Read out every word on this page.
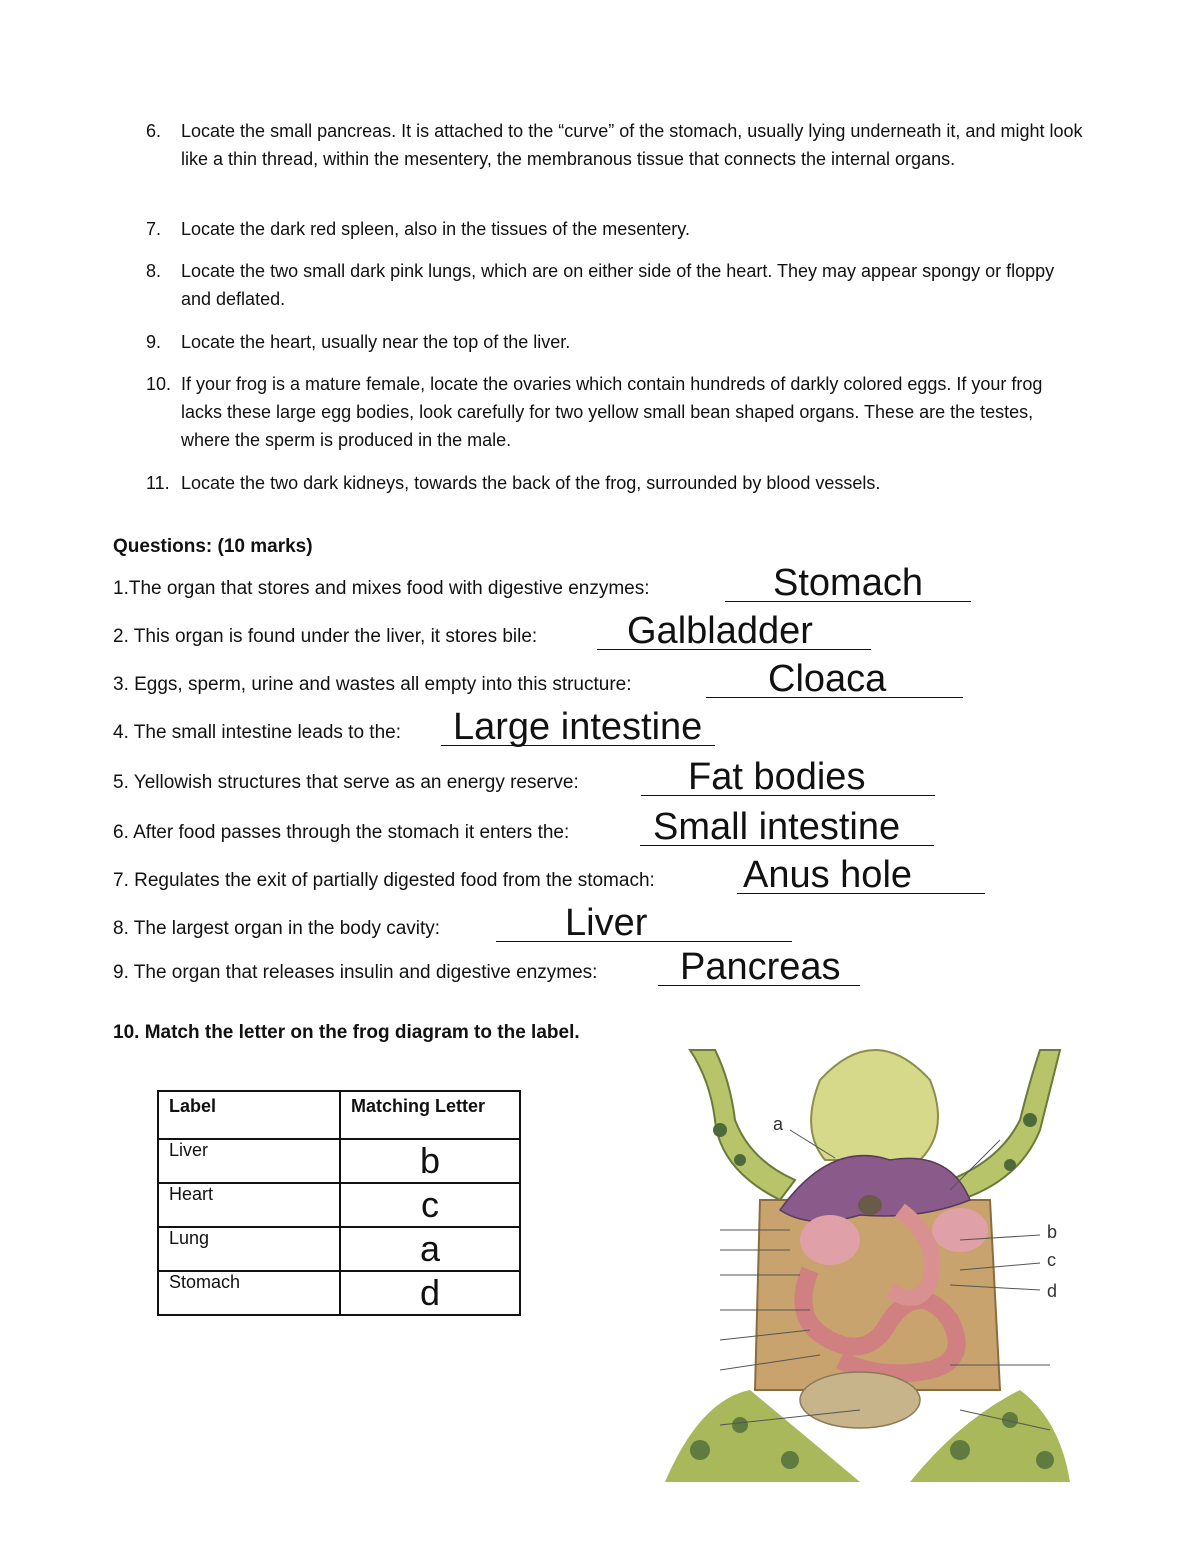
6. Locate the small pancreas. It is attached to the “curve” of the stomach, usually lying underneath it, and might look like a thin thread, within the mesentery, the membranous tissue that connects the internal organs.
7. Locate the dark red spleen, also in the tissues of the mesentery.
8. Locate the two small dark pink lungs, which are on either side of the heart. They may appear spongy or floppy and deflated.
9. Locate the heart, usually near the top of the liver.
10. If your frog is a mature female, locate the ovaries which contain hundreds of darkly colored eggs. If your frog lacks these large egg bodies, look carefully for two yellow small bean shaped organs. These are the testes, where the sperm is produced in the male.
11. Locate the two dark kidneys, towards the back of the frog, surrounded by blood vessels.
Questions: (10 marks)
1.The organ that stores and mixes food with digestive enzymes:	Stomach
2. This organ is found under the liver, it stores bile: Galbladder
3. Eggs, sperm, urine and wastes all empty into this structure:	Cloaca
4. The small intestine leads to the: Large intestine
5. Yellowish structures that serve as an energy reserve:	Fat bodies
6. After food passes through the stomach it enters the: Small intestine
7. Regulates the exit of partially digested food from the stomach: Anus hole
8. The largest organ in the body cavity:	Liver
9. The organ that releases insulin and digestive enzymes: Pancreas
10. Match the letter on the frog diagram to the label.
Label	Matching Letter
Liver	b
Heart	c
Lung	a
Stomach	d
a
b
c
d
